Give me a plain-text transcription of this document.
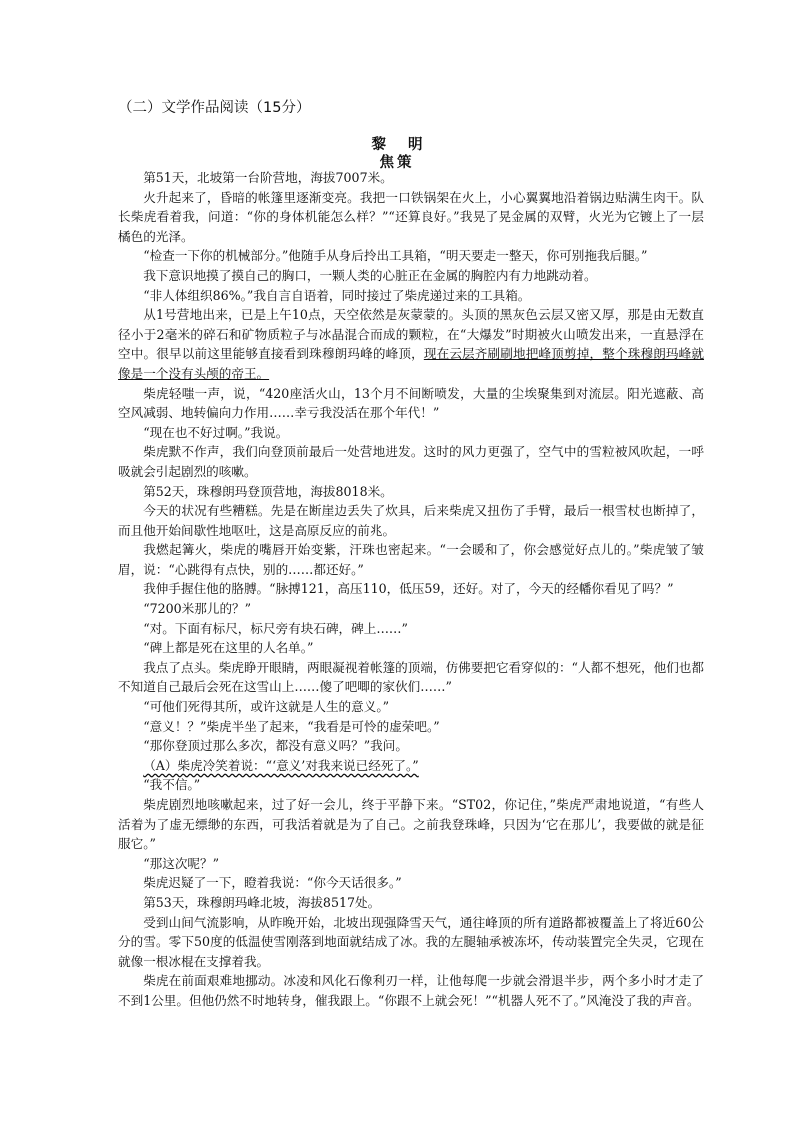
（二）文学作品阅读（15分）
黎明
焦策

第51天，北坡第一台阶营地，海拔7007米。

火升起来了，昏暗的帐篷里逐渐变亮。我把一口铁锅架在火上，小心翼翼地沿着锅边贴满生肉干。队长柴虎看着我，问道：“你的身体机能怎么样？”“还算良好。”我晃了晃金属的双臂，火光为它镀上了一层橘色的光泽。

“检查一下你的机械部分。”他随手从身后拎出工具箱，“明天要走一整天，你可别拖我后腿。”

我下意识地摸了摸自己的胸口，一颗人类的心脏正在金属的胸腔内有力地跳动着。

“非人体组织86%。”我自言自语着，同时接过了柴虎递过来的工具箱。

从1号营地出来，已是上午10点，天空依然是灰蒙蒙的。头顶的黑灰色云层又密又厚，那是由无数直径小于2毫米的碎石和矿物质粒子与冰晶混合而成的颗粒，在“大爆发”时期被火山喷发出来，一直悬浮在空中。很早以前这里能够直接看到珠穆朗玛峰的峰顶，现在云层齐刷刷地把峰顶剪掉，整个珠穆朗玛峰就像是一个没有头颅的帝王。

柴虎轻嗤一声，说，“420座活火山，13个月不间断喷发，大量的尘埃聚集到对流层。阳光遮蔽、高空风减弱、地转偏向力作用……幸亏我没活在那个年代！”

“现在也不好过啊。”我说。

柴虎默不作声，我们向登顶前最后一处营地进发。这时的风力更强了，空气中的雪粒被风吹起，一呼吸就会引起剧烈的咳嗽。

第52天，珠穆朗玛登顶营地，海拔8018米。

今天的状况有些糟糕。先是在断崖边丢失了炊具，后来柴虎又扭伤了手臂，最后一根雪杖也断掉了，而且他开始间歇性地呕吐，这是高原反应的前兆。

我燃起篝火，柴虎的嘴唇开始变紫，汗珠也密起来。“一会暖和了，你会感觉好点儿的。”柴虎皱了皱眉，说：“心跳得有点快，别的……都还好。”

我伸手握住他的胳膊。“脉搏121，高压110，低压59，还好。对了，今天的经幡你看见了吗？”

“7200米那儿的？”

“对。下面有标尺，标尺旁有块石碑，碑上……”

“碑上都是死在这里的人名单。”

我点了点头。柴虎睁开眼睛，两眼凝视着帐篷的顶端，仿佛要把它看穿似的：“人都不想死，他们也都不知道自己最后会死在这雪山上……傻了吧唧的家伙们……”

“可他们死得其所，或许这就是人生的意义。”

“意义！？”柴虎半坐了起来，“我看是可怜的虚荣吧。”

“那你登顶过那么多次，都没有意义吗？”我问。

（A）柴虎冷笑着说：“‘意义’对我来说已经死了。”

“我不信。”

柴虎剧烈地咳嗽起来，过了好一会儿，终于平静下来。“ST02，你记住，”柴虎严肃地说道，“有些人活着为了虚无缥缈的东西，可我活着就是为了自己。之前我登珠峰，只因为‘它在那儿’，我要做的就是征服它。”

“那这次呢？”

柴虎迟疑了一下，瞪着我说：“你今天话很多。”

第53天，珠穆朗玛峰北坡，海拔8517处。

受到山间气流影响，从昨晚开始，北坡出现强降雪天气，通往峰顶的所有道路都被覆盖上了将近60公分的雪。零下50度的低温使雪刚落到地面就结成了冰。我的左腿轴承被冻坏，传动装置完全失灵，它现在就像一根冰棍在支撑着我。

柴虎在前面艰难地挪动。冰凌和风化石像利刃一样，让他每爬一步就会滑退半步，两个多小时才走了不到1公里。但他仍然不时地转身，催我跟上。“你跟不上就会死！”“机器人死不了。”风淹没了我的声音。
